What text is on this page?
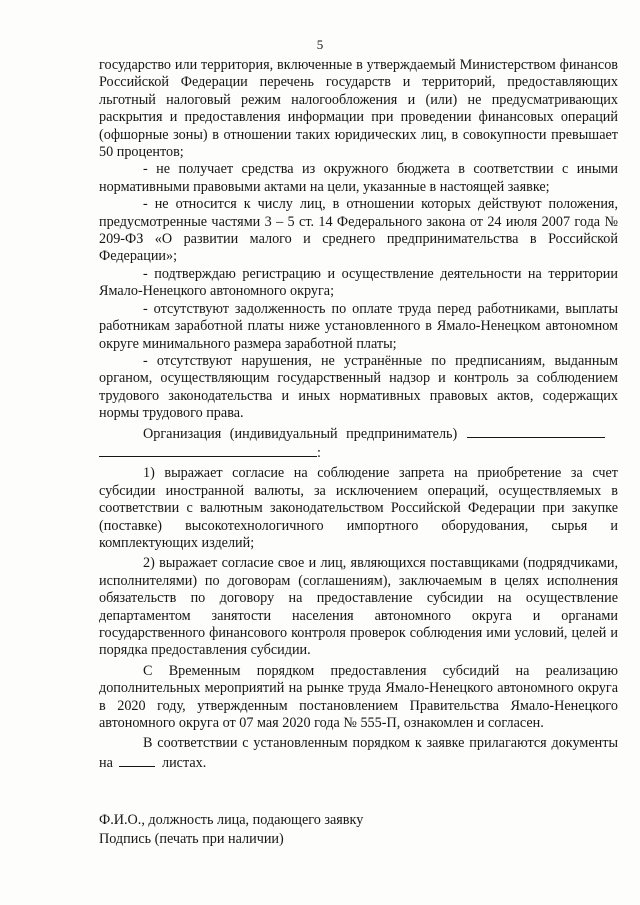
5

государство или территория, включенные в утверждаемый Министерством финансов Российской Федерации перечень государств и территорий, предоставляющих льготный налоговый режим налогообложения и (или) не предусматривающих раскрытия и предоставления информации при проведении финансовых операций (офшорные зоны) в отношении таких юридических лиц, в совокупности превышает 50 процентов;

- не получает средства из окружного бюджета в соответствии с иными нормативными правовыми актами на цели, указанные в настоящей заявке;

- не относится к числу лиц, в отношении которых действуют положения, предусмотренные частями 3 – 5 ст. 14 Федерального закона от 24 июля 2007 года № 209-ФЗ «О развитии малого и среднего предпринимательства в Российской Федерации»;

- подтверждаю регистрацию и осуществление деятельности на территории Ямало-Ненецкого автономного округа;

- отсутствуют задолженность по оплате труда перед работниками, выплаты работникам заработной платы ниже установленного в Ямало-Ненецком автономном округе минимального размера заработной платы;

- отсутствуют нарушения, не устранённые по предписаниям, выданным органом, осуществляющим государственный надзор и контроль за соблюдением трудового законодательства и иных нормативных правовых актов, содержащих нормы трудового права.

Организация (индивидуальный предприниматель)

:

1) выражает согласие на соблюдение запрета на приобретение за счет субсидии иностранной валюты, за исключением операций, осуществляемых в соответствии с валютным законодательством Российской Федерации при закупке (поставке) высокотехнологичного импортного оборудования, сырья и комплектующих изделий;

2) выражает согласие свое и лиц, являющихся поставщиками (подрядчиками, исполнителями) по договорам (соглашениям), заключаемым в целях исполнения обязательств по договору на предоставление субсидии на осуществление департаментом занятости населения автономного округа и органами государственного финансового контроля проверок соблюдения ими условий, целей и порядка предоставления субсидии.

С Временным порядком предоставления субсидий на реализацию дополнительных мероприятий на рынке труда Ямало-Ненецкого автономного округа в 2020 году, утвержденным постановлением Правительства Ямало-Ненецкого автономного округа от 07 мая 2020 года № 555-П, ознакомлен и согласен.

В соответствии с установленным порядком к заявке прилагаются документы на	листах.

Ф.И.О., должность лица, подающего заявку
Подпись (печать при наличии)
